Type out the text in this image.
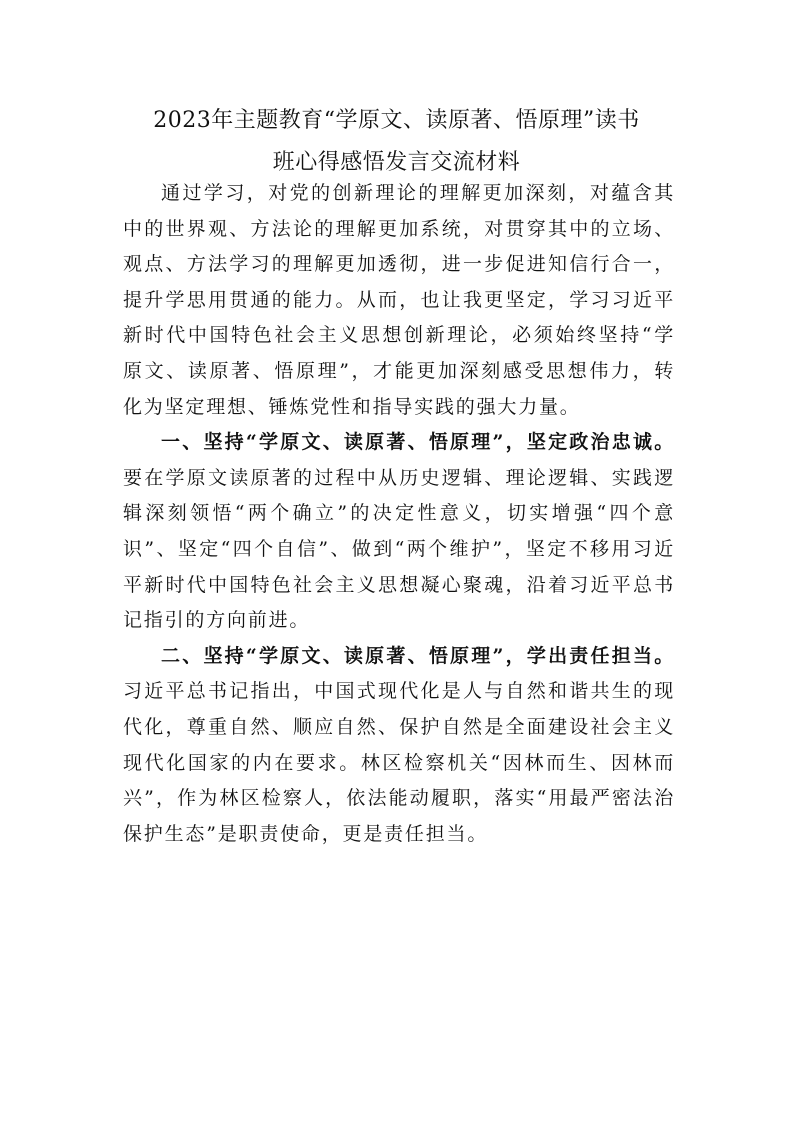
2023年主题教育“学原文、读原著、悟原理”读书
班心得感悟发言交流材料

通过学习，对党的创新理论的理解更加深刻，对蕴含其中的世界观、方法论的理解更加系统，对贯穿其中的立场、观点、方法学习的理解更加透彻，进一步促进知信行合一，提升学思用贯通的能力。从而，也让我更坚定，学习习近平新时代中国特色社会主义思想创新理论，必须始终坚持“学原文、读原著、悟原理”，才能更加深刻感受思想伟力，转化为坚定理想、锤炼党性和指导实践的强大力量。

一、坚持“学原文、读原著、悟原理”，坚定政治忠诚。要在学原文读原著的过程中从历史逻辑、理论逻辑、实践逻辑深刻领悟“两个确立”的决定性意义，切实增强“四个意识”、坚定“四个自信”、做到“两个维护”，坚定不移用习近平新时代中国特色社会主义思想凝心聚魂，沿着习近平总书记指引的方向前进。

二、坚持“学原文、读原著、悟原理”，学出责任担当。习近平总书记指出，中国式现代化是人与自然和谐共生的现代化，尊重自然、顺应自然、保护自然是全面建设社会主义现代化国家的内在要求。林区检察机关“因林而生、因林而兴”，作为林区检察人，依法能动履职，落实“用最严密法治保护生态”是职责使命，更是责任担当。
